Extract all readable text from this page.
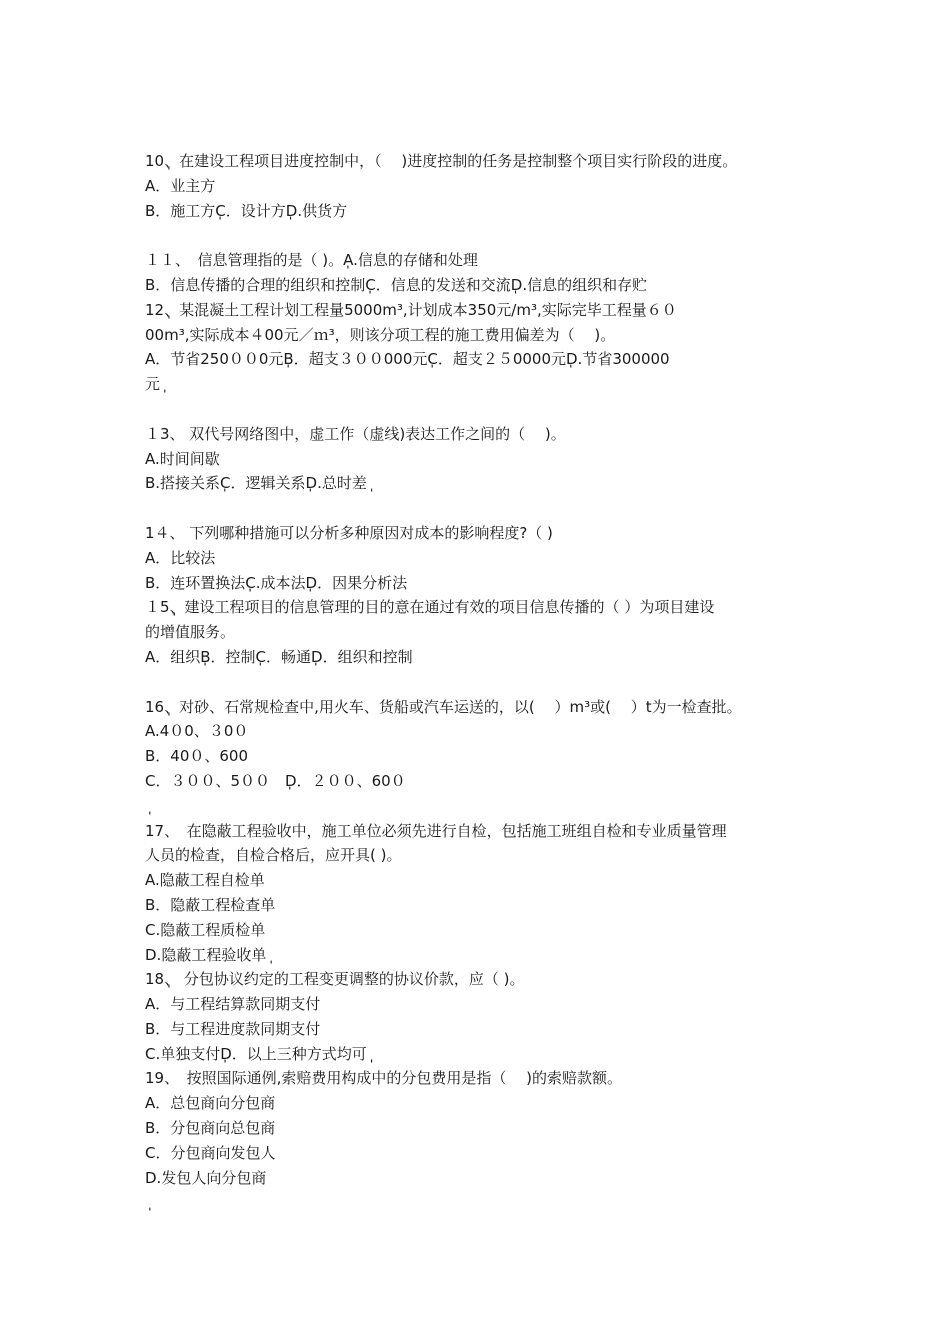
10ֽ、在建设工程项目进度控制中，（　 )进度控制的任务是控制整个项目实行阶段的进度。
A．业主方
B．施工方ֽC．设计方ֽD.供货方
１１、　信息管理指的是（ )。ֽA.信息的存储和处理
B．信息传播的合理的组织和控制ֽC．信息的发送和交流ֽD.信息的组织和存贮
12ֽ、某混凝土工程计划工程量5000m³,计划成本350元/m³,实际完毕工程量６０
00m³,实际成本４00元／ｍ³，则该分项工程的施工费用偏差为（　 )。
A．节省250００0元ֽB．超支３００000元ֽC．超支２５0000元ֽD.节省300000
元ֽ
１3、 双代号网络图中，虚工作（虚线)表达工作之间的（　 )。
A.时间间歇
B.搭接关系ֽC．逻辑关系ֽD.总时差ֽ
1４、 下列哪种措施可以分析多种原因对成本的影响程度?（ )
A．比较法
B．连环置换法ֽC.成本法ֽD．因果分析法
１5ֽֽ、建设工程项目的信息管理的目的意在通过有效的项目信息传播的（ ）为项目建设
的增值服务。
A．组织ֽB．控制ֽC．畅通ֽD．组织和控制
16ֽ、对砂、石常规检查中,用火车、货船或汽车运送的，以(　 ）m³或(　 ）t为一检查批。
A.4０0、３0０
B．40０、600
C．３００、5００　ֽD．２００、60０
17、　在隐蔽工程验收中，施工单位必须先进行自检，包括施工班组自检和专业质量管理
人员的检查，自检合格后，应开具( )。
A.隐蔽工程自检单
B．隐蔽工程检查单
C.隐蔽工程质检单
D.隐蔽工程验收单ֽ
18ֽ、 分包协议约定的工程变更调整的协议价款，应（ )。
A．与工程结算款同期支付
B．与工程进度款同期支付
C.单独支付ֽD．以上三种方式均可ֽֽ
19、　按照国际通例,索赔费用构成中的分包费用是指（　 )的索赔款额。
A．总包商向分包商
B．分包商向总包商
C．分包商向发包人
D.发包人向分包商
